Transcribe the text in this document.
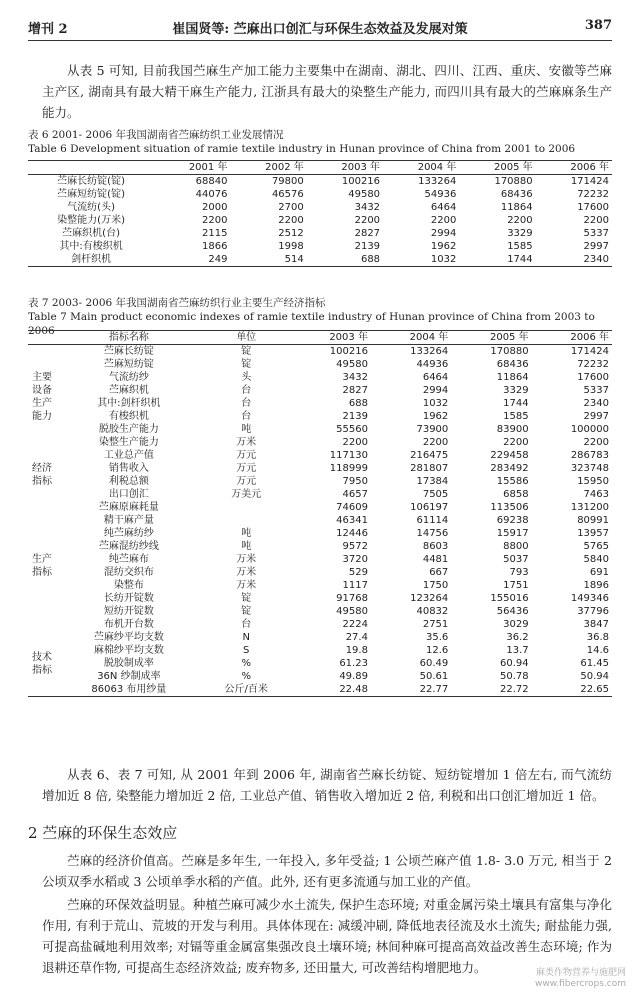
增刊 2	崔国贤等: 苎麻出口创汇与环保生态效益及发展对策	387
从表 5 可知, 目前我国苎麻生产加工能力主要集中在湖南、湖北、四川、江西、重庆、安徽等苎麻主产区, 湖南具有最大精干麻生产能力, 江浙具有最大的染整生产能力, 而四川具有最大的苎麻麻条生产能力。
表 6 2001- 2006 年我国湖南省苎麻纺织工业发展情况
Table 6 Development situation of ramie textile industry in Hunan province of China from 2001 to 2006
	2001 年	2002 年	2003 年	2004 年	2005 年	2006 年
苎麻长纺锭(锭)	68840	79800	100216	133264	170880	171424
苎麻短纺锭(锭)	44076	46576	49580	54936	68436	72232
气流纺(头)	2000	2700	3432	6464	11864	17600
染整能力(万米)	2200	2200	2200	2200	2200	2200
苎麻织机(台)	2115	2512	2827	2994	3329	5337
其中:有梭织机	1866	1998	2139	1962	1585	2997
剑杆织机	249	514	688	1032	1744	2340
表 7 2003- 2006 年我国湖南省苎麻纺织行业主要生产经济指标
Table 7 Main product economic indexes of ramie textile industry of Hunan province of China from 2003 to 2006
	指标名称	单位	2003 年	2004 年	2005 年	2006 年
主要设备生产能力	苎麻长纺锭	锭	100216	133264	170880	171424
	苎麻短纺锭	锭	49580	44936	68436	72232
	气流纺纱	头	3432	6464	11864	17600
	苎麻织机	台	2827	2994	3329	5337
	其中:剑杆织机	台	688	1032	1744	2340
	有梭织机	台	2139	1962	1585	2997
	脱胶生产能力	吨	55560	73900	83900	100000
	染整生产能力	万米	2200	2200	2200	2200
经济指标	工业总产值	万元	117130	216475	229458	286783
	销售收入	万元	118999	281807	283492	323748
	利税总额	万元	7950	17384	15586	15950
	出口创汇	万美元	4657	7505	6858	7463
生产指标	苎麻原麻耗量		74609	106197	113506	131200
	精干麻产量		46341	61114	69238	80991
	纯苎麻纺纱	吨	12446	14756	15917	13957
	苎麻混纺纱线	吨	9572	8603	8800	5765
	纯苎麻布	万米	3720	4481	5037	5840
	混纺交织布	万米	529	667	793	691
	染整布	万米	1117	1750	1751	1896
	长纺开锭数	锭	91768	123264	155016	149346
	短纺开锭数	锭	49580	40832	56436	37796
	布机开台数	台	2224	2751	3029	3847
技术指标	苎麻纱平均支数	N	27.4	35.6	36.2	36.8
	麻棉纱平均支数	S	19.8	12.6	13.7	14.6
	脱胶制成率	%	61.23	60.49	60.94	61.45
	36N 纱制成率	%	49.89	50.61	50.78	50.94
	86063 布用纱量	公斤/百米	22.48	22.77	22.72	22.65
从表 6、表 7 可知, 从 2001 年到 2006 年, 湖南省苎麻长纺锭、短纺锭增加 1 倍左右, 而气流纺增加近 8 倍, 染整能力增加近 2 倍, 工业总产值、销售收入增加近 2 倍, 利税和出口创汇增加近 1 倍。
2 苎麻的环保生态效应
苎麻的经济价值高。苎麻是多年生, 一年投入, 多年受益; 1 公顷苎麻产值 1.8- 3.0 万元, 相当于 2 公顷双季水稻或 3 公顷单季水稻的产值。此外, 还有更多流通与加工业的产值。
苎麻的环保效益明显。种植苎麻可减少水土流失, 保护生态环境; 对重金属污染土壤具有富集与净化作用, 有利于荒山、荒坡的开发与利用。具体体现在: 减缓冲刷, 降低地表径流及水土流失; 耐盐能力强, 可提高盐碱地利用效率; 对镉等重金属富集强改良土壤环境; 林间种麻可提高高效益改善生态环境; 作为退耕还草作物, 可提高生态经济效益; 废弃物多, 还田量大, 可改善结构增肥地力。	麻类作物营养与施肥网
www.fibercrops.com
